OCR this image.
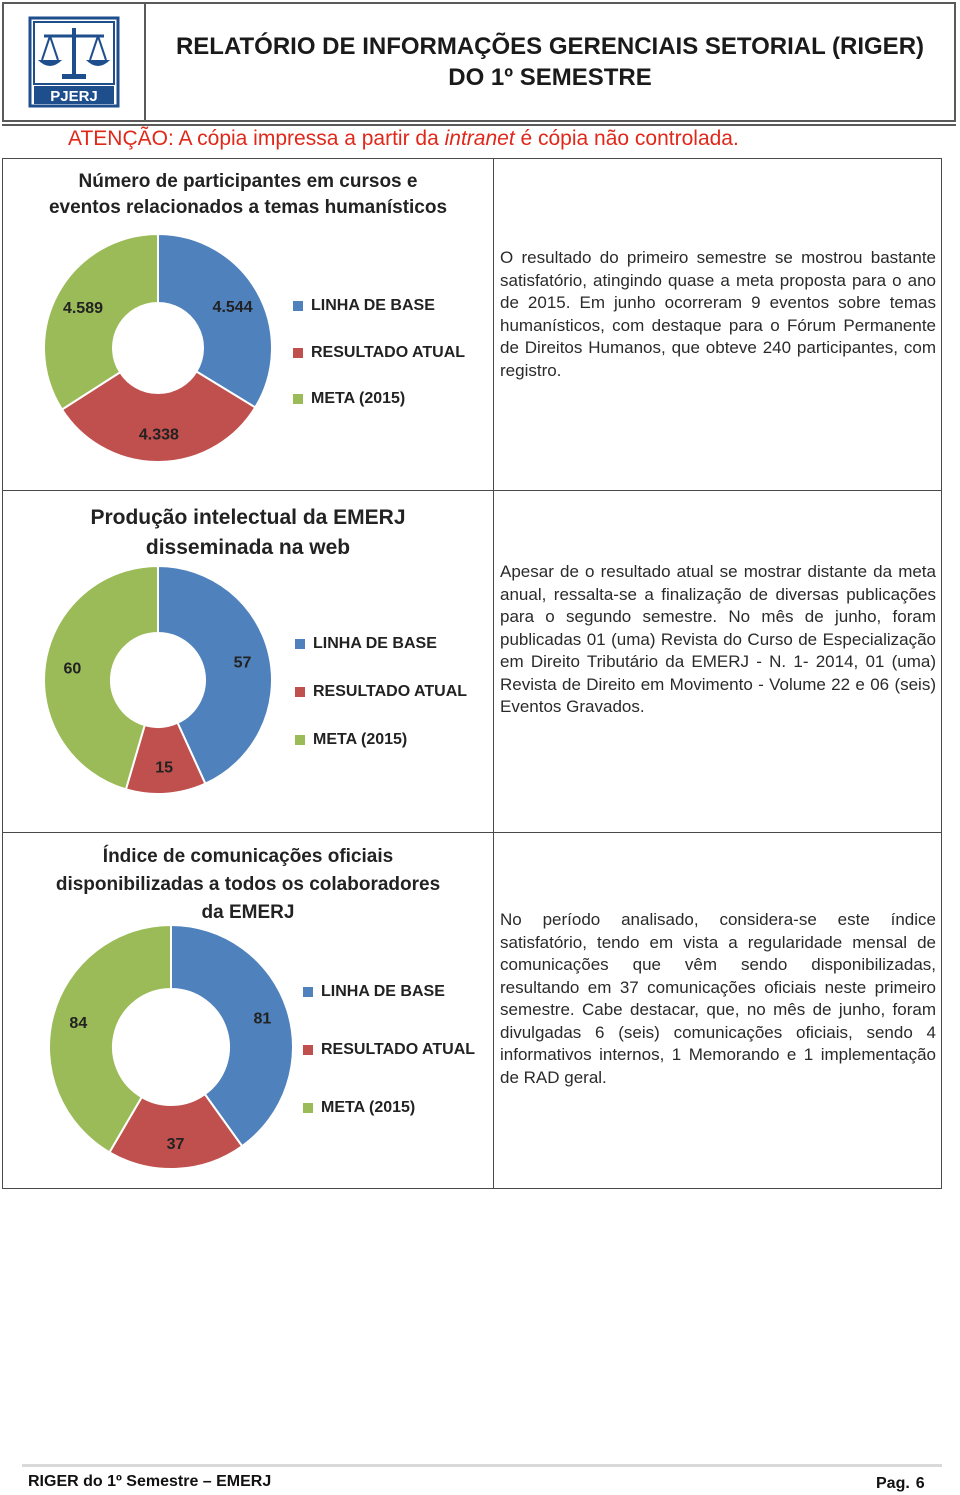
PJERJ
RELATÓRIO DE INFORMAÇÕES GERENCIAIS SETORIAL (RIGER)
DO 1º SEMESTRE
ATENÇÃO: A cópia impressa a partir da intranet é cópia não controlada.
Número de participantes em cursos e
eventos relacionados a temas humanísticos
4.544
4.338
4.589	LINHA DE BASE
RESULTADO ATUAL
META (2015)
O resultado do primeiro semestre se mostrou bastante satisfatório, atingindo quase a meta proposta para o ano de 2015. Em junho ocorreram 9 eventos sobre temas humanísticos, com destaque para o Fórum Permanente de Direitos Humanos, que obteve 240 participantes, com registro.
Produção intelectual da EMERJ
disseminada na web
57
15
60
LINHA DE BASE
RESULTADO ATUAL
META (2015)
Apesar de o resultado atual se mostrar distante da meta anual, ressalta-se a finalização de diversas publicações para o segundo semestre. No mês de junho, foram publicadas 01 (uma) Revista do Curso de Especialização em Direito Tributário da EMERJ - N. 1- 2014, 01 (uma) Revista de Direito em Movimento - Volume 22 e 06 (seis) Eventos Gravados.
Índice de comunicações oficiais
disponibilizadas a todos os colaboradores
da EMERJ
81
37
84
LINHA DE BASE
RESULTADO ATUAL
META (2015)
No período analisado, considera-se este índice satisfatório, tendo em vista a regularidade mensal de comunicações que vêm sendo disponibilizadas, resultando em 37 comunicações oficiais neste primeiro semestre. Cabe destacar, que, no mês de junho, foram divulgadas 6 (seis) comunicações oficiais, sendo 4 informativos internos, 1 Memorando e 1 implementação de RAD geral.
RIGER do 1º Semestre – EMERJ	Pag. 6
